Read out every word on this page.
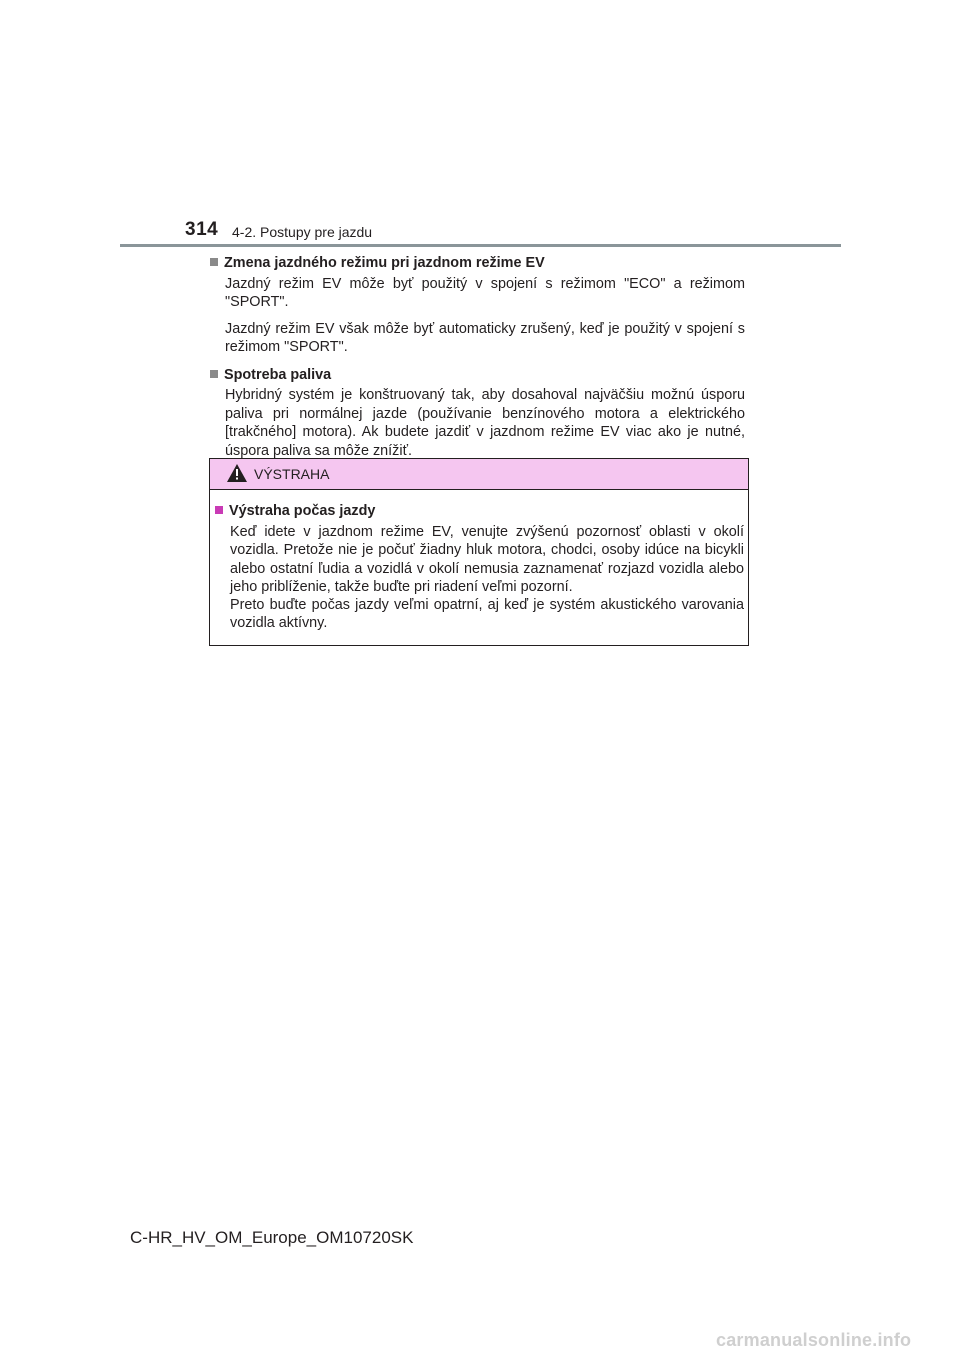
314 4-2. Postupy pre jazdu
Zmena jazdného režimu pri jazdnom režime EV
Jazdný režim EV môže byť použitý v spojení s režimom "ECO" a režimom "SPORT".
Jazdný režim EV však môže byť automaticky zrušený, keď je použitý v spojení s režimom "SPORT".
Spotreba paliva
Hybridný systém je konštruovaný tak, aby dosahoval najväčšiu možnú úsporu paliva pri normálnej jazde (používanie benzínového motora a elektrického [trakčného] motora). Ak budete jazdiť v jazdnom režime EV viac ako je nutné, úspora paliva sa môže znížiť.
VÝSTRAHA
Výstraha počas jazdy
Keď idete v jazdnom režime EV, venujte zvýšenú pozornosť oblasti v okolí vozidla. Pretože nie je počuť žiadny hluk motora, chodci, osoby idúce na bicykli alebo ostatní ľudia a vozidlá v okolí nemusia zaznamenať rozjazd vozidla alebo jeho priblíženie, takže buďte pri riadení veľmi pozorní.
Preto buďte počas jazdy veľmi opatrní, aj keď je systém akustického varovania vozidla aktívny.
C-HR_HV_OM_Europe_OM10720SK
carmanualsonline.info
